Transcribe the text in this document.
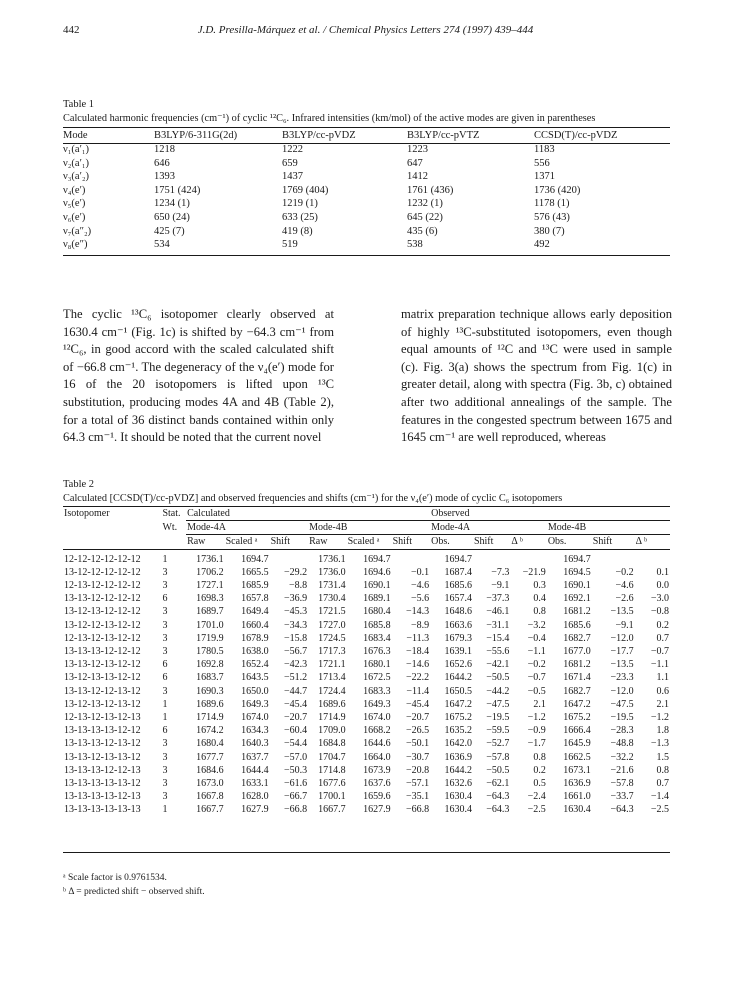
442	J.D. Presilla-Márquez et al. / Chemical Physics Letters 274 (1997) 439–444
Table 1
Calculated harmonic frequencies (cm⁻¹) of cyclic ¹²C₆. Infrared intensities (km/mol) of the active modes are given in parentheses
Mode	B3LYP/6-311G(2d)	B3LYP/cc-pVDZ	B3LYP/cc-pVTZ	CCSD(T)/cc-pVDZ
ν₁(a′₁)	1218	1222	1223	1183
ν₂(a′₁)	646	659	647	556
ν₃(a′₂)	1393	1437	1412	1371
ν₄(e′)	1751 (424)	1769 (404)	1761 (436)	1736 (420)
ν₅(e′)	1234 (1)	1219 (1)	1232 (1)	1178 (1)
ν₆(e′)	650 (24)	633 (25)	645 (22)	576 (43)
ν₇(a″₂)	425 (7)	419 (8)	435 (6)	380 (7)
ν₈(e″)	534	519	538	492

The cyclic ¹³C₆ isotopomer clearly observed at 1630.4 cm⁻¹ (Fig. 1c) is shifted by −64.3 cm⁻¹ from ¹²C₆, in good accord with the scaled calculated shift of −66.8 cm⁻¹. The degeneracy of the ν₄(e′) mode for 16 of the 20 isotopomers is lifted upon ¹³C substitution, producing modes 4A and 4B (Table 2), for a total of 36 distinct bands contained within only 64.3 cm⁻¹. It should be noted that the current novel

matrix preparation technique allows early deposition of highly ¹³C-substituted isotopomers, even though equal amounts of ¹²C and ¹³C were used in sample (c). Fig. 3(a) shows the spectrum from Fig. 1(c) in greater detail, along with spectra (Fig. 3b, c) obtained after two additional annealings of the sample. The features in the congested spectrum between 1675 and 1645 cm⁻¹ are well reproduced, whereas

Table 2
Calculated [CCSD(T)/cc-pVDZ] and observed frequencies and shifts (cm⁻¹) for the ν₄(e′) mode of cyclic C₆ isotopomers
Isotopomer	Stat.	Calculated						Observed					
	Wt.	Mode-4A			Mode-4B			Mode-4A			Mode-4B		
		Raw	Scaled ᵃ	Shift	Raw	Scaled ᵃ	Shift	Obs.	Shift	Δ ᵇ	Obs.	Shift	Δ ᵇ
12-12-12-12-12-12	1	1736.1	1694.7		1736.1	1694.7		1694.7			1694.7		
13-12-12-12-12-12	3	1706.2	1665.5	−29.2	1736.0	1694.6	−0.1	1687.4	−7.3	−21.9	1694.5	−0.2	0.1
12-13-12-12-12-12	3	1727.1	1685.9	−8.8	1731.4	1690.1	−4.6	1685.6	−9.1	0.3	1690.1	−4.6	0.0
13-13-12-12-12-12	6	1698.3	1657.8	−36.9	1730.4	1689.1	−5.6	1657.4	−37.3	0.4	1692.1	−2.6	−3.0
13-12-13-12-12-12	3	1689.7	1649.4	−45.3	1721.5	1680.4	−14.3	1648.6	−46.1	0.8	1681.2	−13.5	−0.8
13-12-12-13-12-12	3	1701.0	1660.4	−34.3	1727.0	1685.8	−8.9	1663.6	−31.1	−3.2	1685.6	−9.1	0.2
12-13-12-13-12-12	3	1719.9	1678.9	−15.8	1724.5	1683.4	−11.3	1679.3	−15.4	−0.4	1682.7	−12.0	0.7
13-13-13-12-12-12	3	1780.5	1638.0	−56.7	1717.3	1676.3	−18.4	1639.1	−55.6	−1.1	1677.0	−17.7	−0.7
13-13-12-13-12-12	6	1692.8	1652.4	−42.3	1721.1	1680.1	−14.6	1652.6	−42.1	−0.2	1681.2	−13.5	−1.1
13-12-13-13-12-12	6	1683.7	1643.5	−51.2	1713.4	1672.5	−22.2	1644.2	−50.5	−0.7	1671.4	−23.3	1.1
13-13-12-12-13-12	3	1690.3	1650.0	−44.7	1724.4	1683.3	−11.4	1650.5	−44.2	−0.5	1682.7	−12.0	0.6
13-12-13-12-13-12	1	1689.6	1649.3	−45.4	1689.6	1649.3	−45.4	1647.2	−47.5	2.1	1647.2	−47.5	2.1
12-13-12-13-12-13	1	1714.9	1674.0	−20.7	1714.9	1674.0	−20.7	1675.2	−19.5	−1.2	1675.2	−19.5	−1.2
13-13-13-13-12-12	6	1674.2	1634.3	−60.4	1709.0	1668.2	−26.5	1635.2	−59.5	−0.9	1666.4	−28.3	1.8
13-13-13-12-13-12	3	1680.4	1640.3	−54.4	1684.8	1644.6	−50.1	1642.0	−52.7	−1.7	1645.9	−48.8	−1.3
13-13-12-13-13-12	3	1677.7	1637.7	−57.0	1704.7	1664.0	−30.7	1636.9	−57.8	0.8	1662.5	−32.2	1.5
13-13-13-12-12-13	3	1684.6	1644.4	−50.3	1714.8	1673.9	−20.8	1644.2	−50.5	0.2	1673.1	−21.6	0.8
13-13-13-13-13-12	3	1673.0	1633.1	−61.6	1677.6	1637.6	−57.1	1632.6	−62.1	0.5	1636.9	−57.8	0.7
13-13-13-13-12-13	3	1667.8	1628.0	−66.7	1700.1	1659.6	−35.1	1630.4	−64.3	−2.4	1661.0	−33.7	−1.4
13-13-13-13-13-13	1	1667.7	1627.9	−66.8	1667.7	1627.9	−66.8	1630.4	−64.3	−2.5	1630.4	−64.3	−2.5
ᵃ Scale factor is 0.9761534.
ᵇ Δ = predicted shift − observed shift.
